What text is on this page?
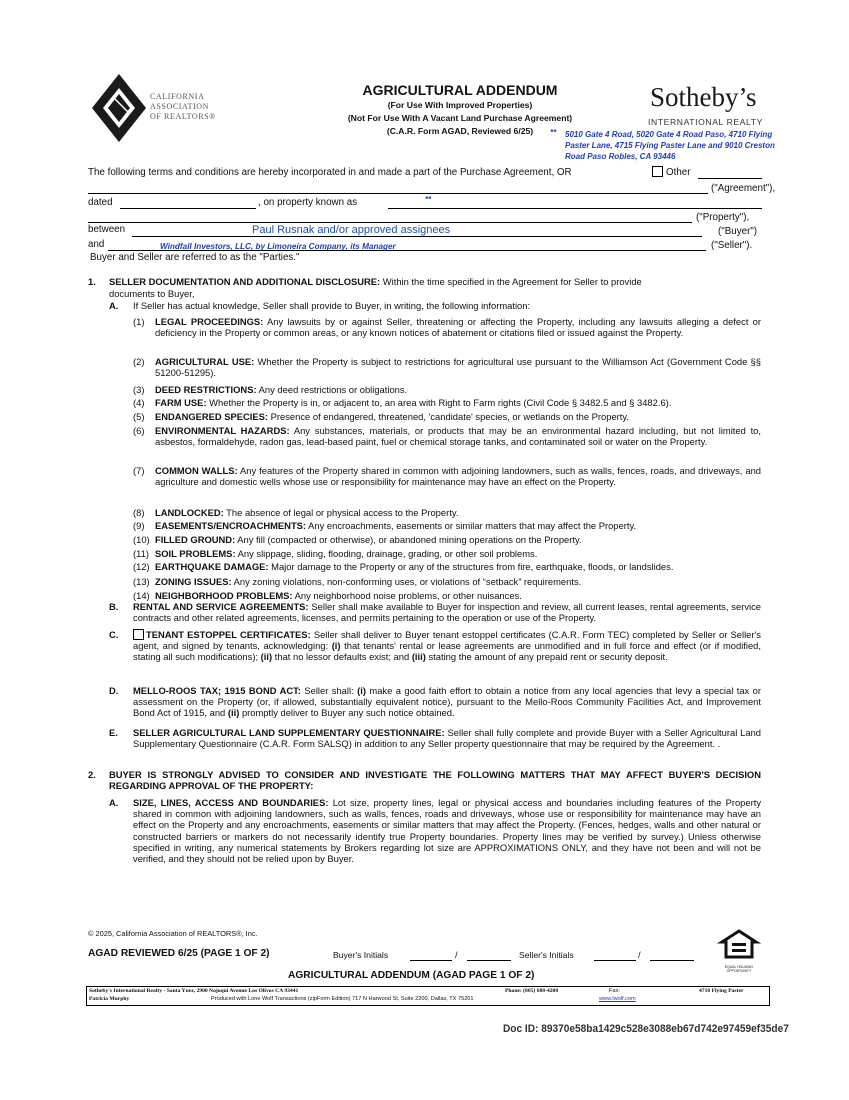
CALIFORNIA
ASSOCIATION
OF REALTORS®
AGRICULTURAL ADDENDUM
(For Use With Improved Properties)
(Not For Use With A Vacant Land Purchase Agreement)
(C.A.R. Form AGAD, Reviewed 6/25)
Sotheby’s
INTERNATIONAL REALTY
** 5010 Gate 4 Road, 5020 Gate 4 Road Paso, 4710 Flying
Paster Lane, 4715 Flying Paster Lane and 9010 Creston
Road Paso Robles, CA 93446
The following terms and conditions are hereby incorporated in and made a part of the Purchase Agreement, OR	Other
("Agreement"),
dated	, on property known as	**
("Property"),
between	Paul Rusnak and/or approved assignees	("Buyer")
and	Windfall Investors, LLC, by Limoneira Company, its Manager	("Seller").
Buyer and Seller are referred to as the "Parties."
1. SELLER DOCUMENTATION AND ADDITIONAL DISCLOSURE: Within the time specified in the Agreement for Seller to provide
documents to Buyer,
A. If Seller has actual knowledge, Seller shall provide to Buyer, in writing, the following information:
(1) LEGAL PROCEEDINGS: Any lawsuits by or against Seller, threatening or affecting the Property, including any lawsuits alleging a defect or deficiency in the Property or common areas, or any known notices of abatement or citations filed or issued against the Property.
(2) AGRICULTURAL USE: Whether the Property is subject to restrictions for agricultural use pursuant to the Williamson Act (Government Code §§ 51200-51295).
(3) DEED RESTRICTIONS: Any deed restrictions or obligations.
(4) FARM USE: Whether the Property is in, or adjacent to, an area with Right to Farm rights (Civil Code § 3482.5 and § 3482.6).
(5) ENDANGERED SPECIES: Presence of endangered, threatened, 'candidate' species, or wetlands on the Property.
(6) ENVIRONMENTAL HAZARDS: Any substances, materials, or products that may be an environmental hazard including, but not limited to, asbestos, formaldehyde, radon gas, lead-based paint, fuel or chemical storage tanks, and contaminated soil or water on the Property.
(7) COMMON WALLS: Any features of the Property shared in common with adjoining landowners, such as walls, fences, roads, and driveways, and agriculture and domestic wells whose use or responsibility for maintenance may have an effect on the Property.
(8) LANDLOCKED: The absence of legal or physical access to the Property.
(9) EASEMENTS/ENCROACHMENTS: Any encroachments, easements or similar matters that may affect the Property.
(10) FILLED GROUND: Any fill (compacted or otherwise), or abandoned mining operations on the Property.
(11) SOIL PROBLEMS: Any slippage, sliding, flooding, drainage, grading, or other soil problems.
(12) EARTHQUAKE DAMAGE: Major damage to the Property or any of the structures from fire, earthquake, floods, or landslides.
(13) ZONING ISSUES: Any zoning violations, non-conforming uses, or violations of “setback” requirements.
(14) NEIGHBORHOOD PROBLEMS: Any neighborhood noise problems, or other nuisances.
B. RENTAL AND SERVICE AGREEMENTS: Seller shall make available to Buyer for inspection and review, all current leases, rental agreements, service contracts and other related agreements, licenses, and permits pertaining to the operation or use of the Property.
C.	TENANT ESTOPPEL CERTIFICATES: Seller shall deliver to Buyer tenant estoppel certificates (C.A.R. Form TEC) completed by Seller or Seller's agent, and signed by tenants, acknowledging: (i) that tenants' rental or lease agreements are unmodified and in full force and effect (or if modified, stating all such modifications); (ii) that no lessor defaults exist; and (iii) stating the amount of any prepaid rent or security deposit.
D. MELLO-ROOS TAX; 1915 BOND ACT: Seller shall: (i) make a good faith effort to obtain a notice from any local agencies that levy a special tax or assessment on the Property (or, if allowed, substantially equivalent notice), pursuant to the Mello-Roos Community Facilities Act, and Improvement Bond Act of 1915, and (ii) promptly deliver to Buyer any such notice obtained.
E. SELLER AGRICULTURAL LAND SUPPLEMENTARY QUESTIONNAIRE: Seller shall fully complete and provide Buyer with a Seller Agricultural Land Supplementary Questionnaire (C.A.R. Form SALSQ) in addition to any Seller property questionnaire that may be required by the Agreement. .
2. BUYER IS STRONGLY ADVISED TO CONSIDER AND INVESTIGATE THE FOLLOWING MATTERS THAT MAY AFFECT BUYER'S DECISION REGARDING APPROVAL OF THE PROPERTY:
A. SIZE, LINES, ACCESS AND BOUNDARIES: Lot size, property lines, legal or physical access and boundaries including features of the Property shared in common with adjoining landowners, such as walls, fences, roads and driveways, whose use or responsibility for maintenance may have an effect on the Property and any encroachments, easements or similar matters that may affect the Property. (Fences, hedges, walls and other natural or constructed barriers or markers do not necessarily identify true Property boundaries. Property lines may be verified by survey.) Unless otherwise specified in writing, any numerical statements by Brokers regarding lot size are APPROXIMATIONS ONLY, and they have not been and will not be verified, and they should not be relied upon by Buyer.
© 2025, California Association of REALTORS®, Inc.
AGAD REVIEWED 6/25 (PAGE 1 OF 2)	Buyer's Initials	/	Seller's Initials	/
EQUAL HOUSING OPPORTUNITY
AGRICULTURAL ADDENDUM (AGAD PAGE 1 OF 2)
Sotheby's International Realty - Santa Ynez, 2900 Nojoqui Avenue Los Olivos CA 93441
Patricia Murphy
Phone: (805) 688-4200	Fax:	4710 Flying Paster
Produced with Lone Wolf Transactions (zipForm Edition) 717 N Harwood St, Suite 2200, Dallas, TX 75201	www.lwolf.com
Doc ID: 89370e58ba1429c528e3088eb67d742e97459ef35de7
